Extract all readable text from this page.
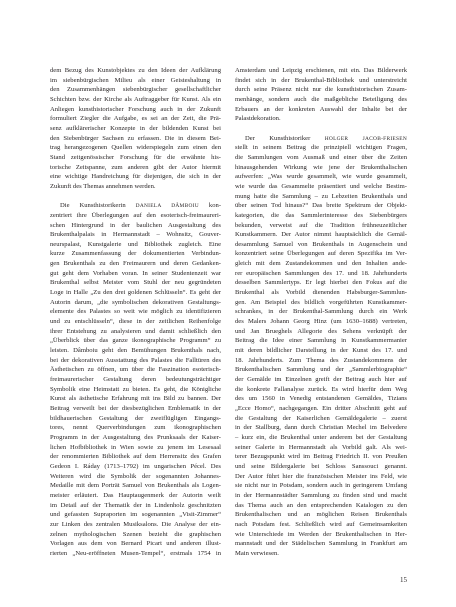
dem Bezug des Kunstobjektes zu den Ideen der Aufklärung
im siebenbürgischen Milieu als einer Geisteshaltung in
den Zusammenhängen siebenbürgischer gesellschaftlicher
Schichten bzw. der Kirche als Auftraggeber für Kunst. Als ein
Anliegen kunsthistorischer Forschung auch in der Zukunft
formuliert Ziegler die Aufgabe, es sei an der Zeit, die Prä-
senz aufklärerischer Konzepte in der bildenden Kunst bei
den Siebenbürger Sachsen zu erfassen. Die in diesem Bei-
trag herangezogenen Quellen widerspiegeln zum einen den
Stand zeitgenössischer Forschung für die erwähnte his-
torische Zeitspanne, zum anderen gibt der Autor hiermit
eine wichtige Handreichung für diejenigen, die sich in der
Zukunft des Themas annehmen werden.
Die Kunsthistorikerin DANIELA DÂMBOIU kon-
zentriert ihre Überlegungen auf den esoterisch-freimaureri-
schen Hintergrund in der baulichen Ausgestaltung des
Brukenthalpalais in Hermannstadt – Wohnsitz, Gouver-
neurspalast, Kunstgalerie und Bibliothek zugleich. Eine
kurze Zusammenfassung der dokumentierten Verbindun-
gen Brukenthals zu den Freimaurern und deren Gedanken-
gut geht dem Vorhaben voran. In seiner Studentenzeit war
Brukenthal selbst Meister vom Stuhl der neu gegründeten
Loge in Halle „Zu den drei goldenen Schlüsseln“. Es geht der
Autorin darum, „die symbolischen dekorativen Gestaltungs-
elemente des Palastes so weit wie möglich zu identifizieren
und zu entschlüsseln“, diese in der zeitlichen Reihenfolge
ihrer Entstehung zu analysieren und damit schließlich den
„Überblick über das ganze ikonographische Programm“ zu
leisten. Dâmboiu geht den Bemühungen Brukenthals nach,
bei der dekorativen Ausstattung des Palastes die Falltüren des
Ästhetischen zu öffnen, um über die Faszination esoterisch-
freimaurerischer Gestaltung deren bedeutungsträchtiger
Symbolik eine Heimstatt zu bieten. Es geht, die Königliche
Kunst als ästhetische Erfahrung mit ins Bild zu bannen. Der
Beitrag verweilt bei der diesbezüglichen Emblematik in der
bildhauerischen Gestaltung der zweiflügligen Eingangs-
tores, nennt Querverbindungen zum ikonographischen
Programm in der Ausgestaltung des Prunksaals der Kaiser-
lichen Hofbibliothek in Wien sowie zu jenem im Lesesaal
der renommierten Bibliothek auf dem Herrensitz des Grafen
Gedeon I. Ráday (1713–1792) im ungarischen Pécel. Des
Weiteren wird die Symbolik der sogenannten Johannes-
Medaille mit dem Porträt Samuel von Brukenthals als Logen-
meister erläutert. Das Hauptaugenmerk der Autorin weilt
im Detail auf der Thematik der in Lindenholz geschnitzten
und gefassten Supraporten im sogenannten „Visit-Zimmer“
zur Linken des zentralen Musiksalons. Die Analyse der ein-
zelnen mythologischen Szenen bezieht die graphischen
Vorlagen aus dem von Bernard Picart und anderen illust-
rierten „Neu-eröffneten Musen-Tempel“, erstmals 1754 in
Amsterdam und Leipzig erschienen, mit ein. Das Bilderwerk
findet sich in der Brukenthal-Bibliothek und unterstreicht
durch seine Präsenz nicht nur die kunsthistorischen Zusam-
menhänge, sondern auch die maßgebliche Beteiligung des
Erbauers an der konkreten Auswahl der Inhalte bei der
Palastdekoration.
Der Kunsthistoriker	HOLGER JACOB-FRIESEN
stellt in seinem Beitrag die prinzipiell wichtigen Fragen,
die Sammlungen vom Ausmaß und einer über die Zeiten
hinausgehenden Wirkung wie jene der Brukenthalischen
aufwerfen: „Was wurde gesammelt, wie wurde gesammelt,
wie wurde das Gesammelte präsentiert und welche Bestim-
mung hatte die Sammlung – zu Lebzeiten Brukenthals und
über seinen Tod hinaus?“ Das breite Spektrum der Objekt-
kategorien, die das Sammlerinteresse des Siebenbürgers
bekunden, verweist auf die Tradition frühneuzeitlicher
Kunstkammern. Der Autor nimmt hauptsächlich die Gemäl-
desammlung Samuel von Brukenthals in Augenschein und
konzentriert seine Überlegungen auf deren Spezifika im Ver-
gleich mit dem Zustandekommen und den Inhalten ande-
rer europäischen Sammlungen des 17. und 18. Jahrhunderts
desselben Sammlertyps. Er legt hierbei den Fokus auf die
Brukenthal als Vorbild dienenden Habsburger-Sammlun-
gen. Am Beispiel des bildlich vorgeführten Kunstkammer-
schrankes, in der Brukenthal-Sammlung durch ein Werk
des Malers Johann Georg Hinz (um 1630–1688) vertreten,
und Jan Brueghels Allegorie des Sehens verknüpft der
Beitrag die Idee einer Sammlung in Kunstkammermanier
mit deren bildlicher Darstellung in der Kunst des 17. und
18. Jahrhunderts. Zum Thema des Zustandekommens der
Brukenthalischen Sammlung und der „Sammlerbiographie“
der Gemälde im Einzelnen greift der Beitrag auch hier auf
die konkrete Fallanalyse zurück. Es wird hierfür dem Weg
des um 1560 in Venedig entstandenen Gemäldes, Tizians
„Ecce Homo“, nachgegangen. Ein dritter Abschnitt geht auf
die Gestaltung der Kaiserlichen Gemäldegalerie – zuerst
in der Stallburg, dann durch Christian Mechel im Belvedere
– kurz ein, die Brukenthal unter anderem bei der Gestaltung
seiner Galerie in Hermannstadt als Vorbild galt. Als wei-
terer Bezugspunkt wird im Beitrag Friedrich II. von Preußen
und seine Bildergalerie bei Schloss Sanssouci genannt.
Der Autor führt hier die französischen Meister ins Feld, wie
sie nicht nur in Potsdam, sondern auch in geringerem Umfang
in der Hermannstädter Sammlung zu finden sind und macht
das Thema auch an den entsprechenden Katalogen zu den
Brukenthalischen und an möglichen Reisen Brukenthals
nach Potsdam fest. Schließlich wird auf Gemeinsamkeiten
wie Unterschiede im Werden der Brukenthalischen in Her-
mannstadt und der Städelischen Sammlung in Frankfurt am
Main verwiesen.
15
